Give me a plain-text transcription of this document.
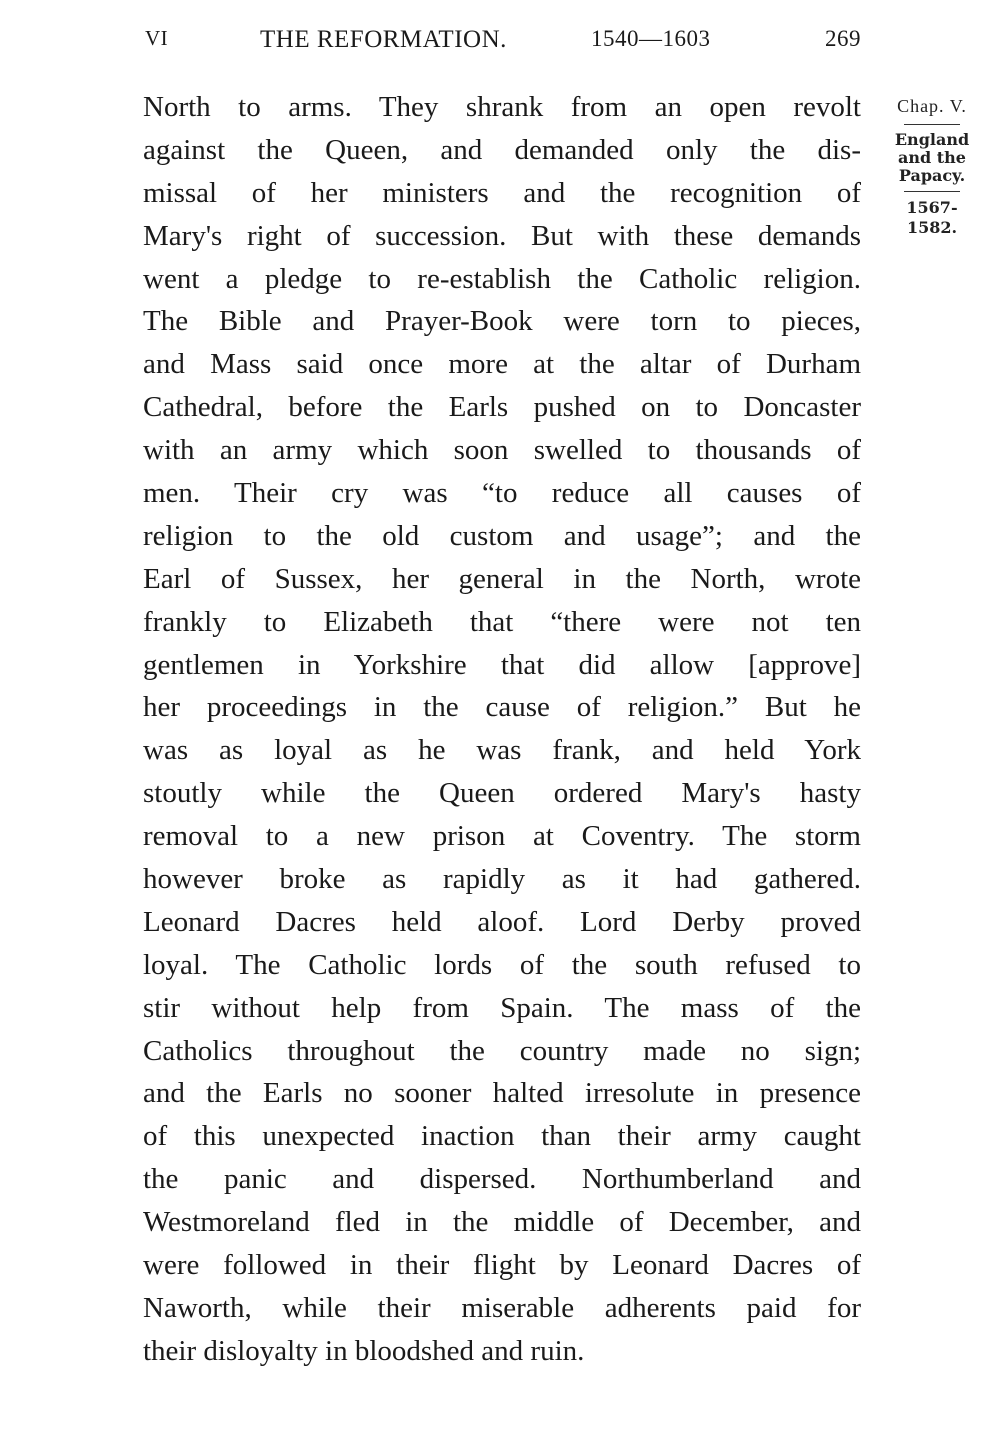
VI	THE REFORMATION.	1540—1603	269
North to arms. They shrank from an open revolt
against the Queen, and demanded only the dis-
missal of her ministers and the recognition of
Mary's right of succession. But with these demands
went a pledge to re-establish the Catholic religion.
The Bible and Prayer-Book were torn to pieces,
and Mass said once more at the altar of Durham
Cathedral, before the Earls pushed on to Doncaster
with an army which soon swelled to thousands of
men. Their cry was “to reduce all causes of
religion to the old custom and usage”; and the
Earl of Sussex, her general in the North, wrote
frankly to Elizabeth that “there were not ten
gentlemen in Yorkshire that did allow [approve]
her proceedings in the cause of religion.” But he
was as loyal as he was frank, and held York
stoutly while the Queen ordered Mary's hasty
removal to a new prison at Coventry. The storm
however broke as rapidly as it had gathered.
Leonard Dacres held aloof. Lord Derby proved
loyal. The Catholic lords of the south refused to
stir without help from Spain. The mass of the
Catholics throughout the country made no sign;
and the Earls no sooner halted irresolute in presence
of this unexpected inaction than their army caught
the panic and dispersed. Northumberland and
Westmoreland fled in the middle of December, and
were followed in their flight by Leonard Dacres of
Naworth, while their miserable adherents paid for
their disloyalty in bloodshed and ruin.
Chap. V.
England
and the
Papacy.
1567-1582.
